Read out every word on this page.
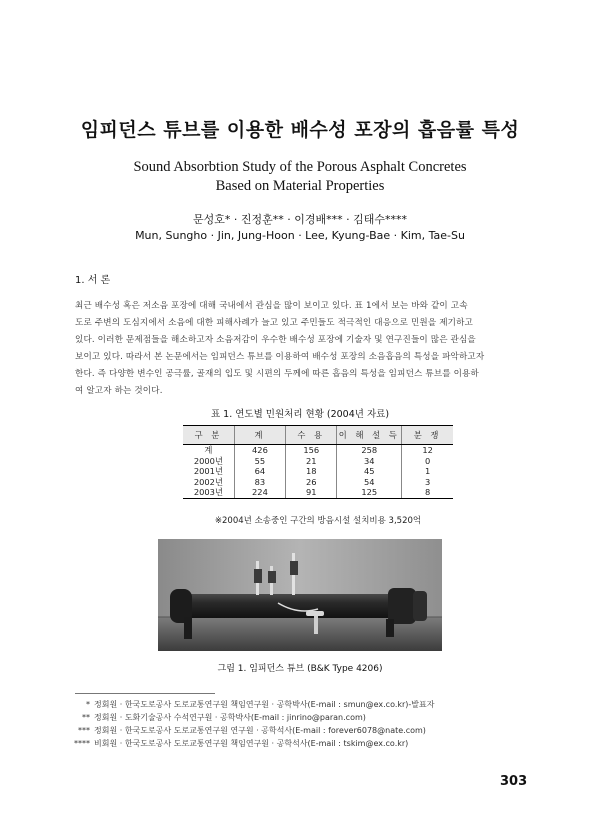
임피던스 튜브를 이용한 배수성 포장의 흡음률 특성
Sound Absorbtion Study of the Porous Asphalt Concretes
Based on Material Properties
문성호* · 진정훈** · 이경배*** · 김태수****
Mun, Sungho · Jin, Jung-Hoon · Lee, Kyung-Bae · Kim, Tae-Su
1. 서 론
최근 배수성 혹은 저소음 포장에 대해 국내에서 관심을 많이 보이고 있다. 표 1에서 보는 바와 같이 고속
도로 주변의 도심지에서 소음에 대한 피해사례가 늘고 있고 주민들도 적극적인 대응으로 민원을 제기하고
있다. 이러한 문제점들을 해소하고자 소음저감이 우수한 배수성 포장에 기술자 및 연구진들이 많은 관심을
보이고 있다. 따라서 본 논문에서는 임피던스 튜브를 이용하여 배수성 포장의 소음흡음의 특성을 파악하고자
한다. 즉 다양한 변수인 공극률, 골재의 입도 및 시편의 두께에 따른 흡음의 특성을 임피던스 튜브를 이용하
여 알고자 하는 것이다.
표 1. 연도별 민원처리 현황 (2004년 자료)
구 분	계	수 용	이 해 설 득	분 쟁
계	426	156	258	12
2000년	55	21	34	0
2001년	64	18	45	1
2002년	83	26	54	3
2003년	224	91	125	8
※2004년 소송중인 구간의 방음시설 설치비용 3,520억
그림 1. 임피던스 튜브 (B&K Type 4206)
* 정회원 · 한국도로공사 도로교통연구원 책임연구원 · 공학박사(E-mail : smun@ex.co.kr)-발표자
** 정회원 · 도화기술공사 수석연구원 · 공학박사(E-mail : jinrino@paran.com)
*** 정회원 · 한국도로공사 도로교통연구원 연구원 · 공학석사(E-mail : forever6078@nate.com)
**** 비회원 · 한국도로공사 도로교통연구원 책임연구원 · 공학석사(E-mail : tskim@ex.co.kr)
303
